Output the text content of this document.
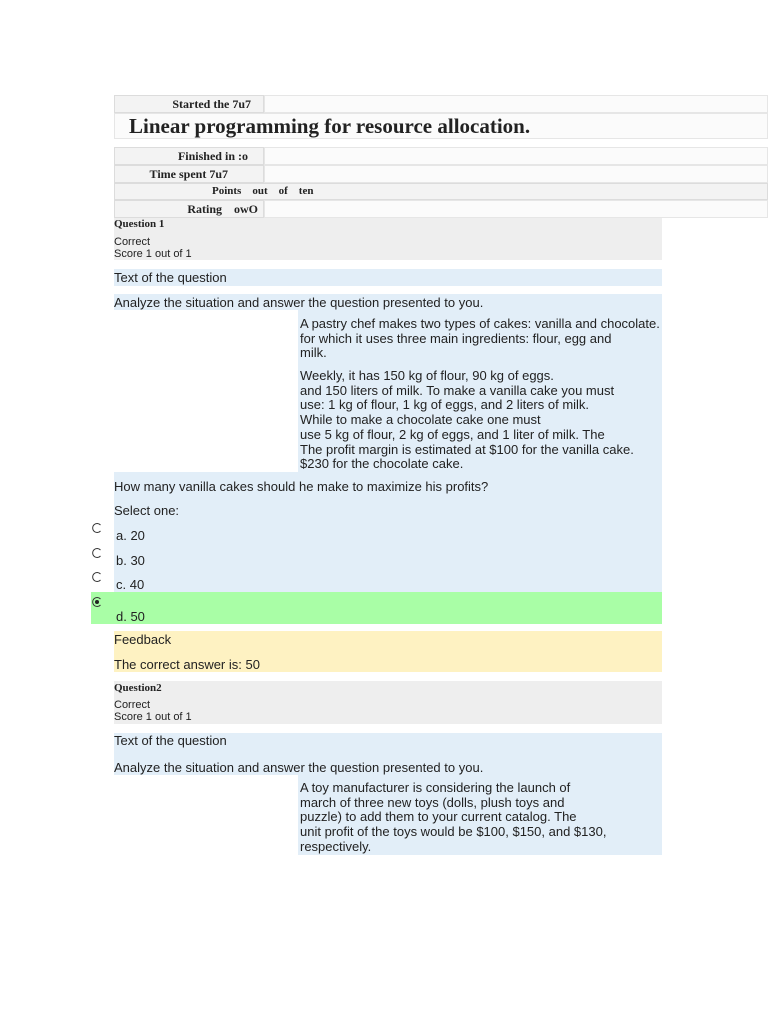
Started the 7u7
Linear programming for resource allocation.
Finished in :o
Time spent 7u7
Points    out    of    ten
Rating    owO
Question 1
Correct
Score 1 out of 1
Text of the question
Analyze the situation and answer the question presented to you.
A pastry chef makes two types of cakes: vanilla and chocolate.
for which it uses three main ingredients: flour, egg and
milk.
Weekly, it has 150 kg of flour, 90 kg of eggs.
and 150 liters of milk. To make a vanilla cake you must
use: 1 kg of flour, 1 kg of eggs, and 2 liters of milk.
While to make a chocolate cake one must
use 5 kg of flour, 2 kg of eggs, and 1 liter of milk. The
The profit margin is estimated at $100 for the vanilla cake.
$230 for the chocolate cake.
How many vanilla cakes should he make to maximize his profits?
Select one:
a. 20
b. 30
c. 40
d. 50
Feedback
The correct answer is: 50
Question2
Correct
Score 1 out of 1
Text of the question
Analyze the situation and answer the question presented to you.
A toy manufacturer is considering the launch of
march of three new toys (dolls, plush toys and
puzzle) to add them to your current catalog. The
unit profit of the toys would be $100, $150, and $130,
respectively.
